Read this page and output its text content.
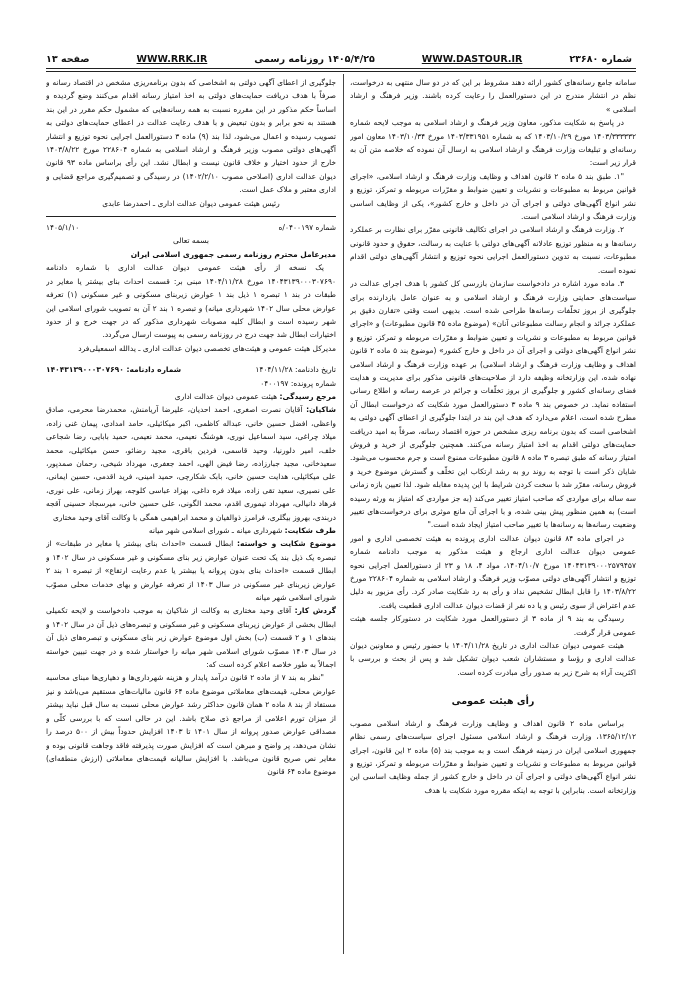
شماره ۲۳۶۸۰
WWW.DASTOUR.IR
۱۴۰۵/۴/۲۵ روزنامه رسمی
WWW.RRK.IR
صفحه ۱۳

سامانه جامع رسانه‌های کشور ارائه دهند مشروط بر این که در دو سال منتهی به درخواست، نظم در انتشار مندرج در این دستورالعمل را رعایت کرده باشند. وزیر فرهنگ و ارشاد اسلامی »

در پاسخ به شکایت مذکور، معاون وزیر فرهنگ و ارشاد اسلامی به موجب لایحه شماره ۱۴۰۳/۳۳۳۳۳۲ مورخ ۱۴۰۳/۱۰/۲۹ که به شماره ۱۴۰۳/۳۳۱۹۵۱ مورخ ۱۴۰۳/۱۰/۳۴ معاون امور رسانه‌ای و تبلیغات وزارت فرهنگ و ارشاد اسلامی به ارسال آن نموده که خلاصه متن آن به قرار زیر است:

"۱. طبق بند ۵ ماده ۲ قانون اهداف و وظایف وزارت فرهنگ و ارشاد اسلامی، «اجرای قوانین مربوط به مطبوعات و نشریات و تعیین ضوابط و مقرّرات مربوطه و تمرکز، توزیع و نشر انواع آگهی‌های دولتی و اجرای آن در داخل و خارج کشور»، یکی از وظایف اساسی وزارت فرهنگ و ارشاد اسلامی است.

۲. وزارت فرهنگ و ارشاد اسلامی در اجرای تکالیف قانونی مقرّر برای نظارت بر عملکرد رسانه‌ها و به منظور توزیع عادلانه آگهی‌های دولتی با عنایت به رسالت، حقوق و حدود قانونی مطبوعات، نسبت به تدوین دستورالعمل اجرایی نحوه توزیع و انتشار آگهی‌های دولتی اقدام نموده است.

۳. ماده مورد اشاره در دادخواست سازمان بازرسی کل کشور با هدف اجرای عدالت در سیاست‌های حمایتی وزارت فرهنگ و ارشاد اسلامی و به عنوان عامل بازدارنده برای جلوگیری از بروز تخلّفات رسانه‌ها طراحی شده است. بدیهی است وقتی «تقارن دقیق بر عملکرد جرائد و انجام رسالت مطبوعاتی آنان» (موضوع ماده ۴۵ قانون مطبوعات) و «اجرای قوانین مربوط به مطبوعات و نشریات و تعیین ضوابط و مقرّرات مربوطه و تمرکز، توزیع و نشر انواع آگهی‌های دولتی و اجرای آن در داخل و خارج کشور» (موضوع بند ۵ ماده ۲ قانون اهداف و وظایف وزارت فرهنگ و ارشاد اسلامی) بر عهده وزارت فرهنگ و ارشاد اسلامی نهاده شده، این وزارتخانه وظیفه دارد از صلاحیت‌های قانونی مذکور برای مدیریت و هدایت فضای رسانه‌ای کشور و جلوگیری از بروز تخلّفات و جرائم در عرصه رسانه و اطلاع رسانی استفاده نماید. در خصوص بند ۹ ماده ۳ دستورالعمل مورد شکایت که درخواست ابطال آن مطرح شده است، اعلام می‌دارد که هدف این بند در ابتدا جلوگیری از اعطای آگهی دولتی به اشخاصی است که بدون برنامه ریزی مشخص در حوزه اقتصاد رسانه، صرفاً به امید دریافت حمایت‌های دولتی اقدام به اخذ امتیاز رسانه می‌کنند. همچنین جلوگیری از خرید و فروش امتیاز رسانه که طبق تبصره ۳ ماده ۸ قانون مطبوعات ممنوع است و جرم محسوب می‌شود. شایان ذکر است با توجه به روند رو به رشد ارتکاب این تخلّف و گسترش موضوع خرید و فروش رسانه، مقرّر شد با سخت کردن شرایط با این پدیده مقابله شود. لذا تعیین بازه زمانی سه ساله برای مواردی که صاحب امتیاز تغییر می‌کند (به جز مواردی که امتیاز به ورثه رسیده است) به همین منظور پیش بینی شده، و با اجرای آن مانع موثری برای درخواست‌های تغییر وضعیت رسانه‌ها به رسانه‌ها با تغییر صاحب امتیاز ایجاد شده است."

در اجرای ماده ۸۴ قانون دیوان عدالت اداری پرونده به هیئت تخصصی اداری و امور عمومی دیوان عدالت اداری ارجاع و هیئت مذکور به موجب دادنامه شماره ۱۴۰۴۳۱۳۹۰۰۰۲۵۷۹۴۵۷ مورخ ۱۴۰۴/۱۰/۷، مواد ۴، ۱۸ و ۲۳ از دستورالعمل اجرایی نحوه توزیع و انتشار آگهی‌های دولتی مصوّب وزیر فرهنگ و ارشاد اسلامی به شماره ۲۲۸۶۰۴ مورخ ۱۴۰۳/۸/۲۲ را قابل ابطال تشخیص نداد و رأی به رد شکایت صادر کرد. رأی مزبور به دلیل عدم اعتراض از سوی رئیس و یا ده نفر از قضات دیوان عدالت اداری قطعیت یافت.

رسیدگی به بند ۹ از ماده ۳ از دستورالعمل مورد شکایت در دستورکار جلسه هیئت عمومی قرار گرفت.

هیئت عمومی دیوان عدالت اداری در تاریخ ۱۴۰۴/۱۱/۲۸ با حضور رئیس و معاونین دیوان عدالت اداری و رؤسا و مستشاران شعب دیوان تشکیل شد و پس از بحث و بررسی با اکثریت آراء به شرح زیر به صدور رأی مبادرت کرده است.

رأی هیئت عمومی

براساس ماده ۲ قانون اهداف و وظایف وزارت فرهنگ و ارشاد اسلامی مصوب ۱۳۶۵/۱۲/۱۲، وزارت فرهنگ و ارشاد اسلامی مسئول اجرای سیاست‌های رسمی نظام جمهوری اسلامی ایران در زمینه فرهنگ است و به موجب بند (۵) ماده ۲ این قانون، اجرای قوانین مربوط به مطبوعات و نشریات و تعیین ضوابط و مقرّرات مربوطه و تمرکز، توزیع و نشر انواع آگهی‌های دولتی و اجرای آن در داخل و خارج کشور از جمله وظایف اساسی این وزارتخانه است. بنابراین با توجه به اینکه مقرره مورد شکایت با هدف

جلوگیری از اعطای آگهی دولتی به اشخاصی که بدون برنامه‌ریزی مشخص در اقتصاد رسانه و صرفاً با هدف دریافت حمایت‌های دولتی به اخذ امتیاز رسانه اقدام می‌کنند وضع گردیده و اساساً حکم مذکور در این مقرره نسبت به همه رسانه‌هایی که مشمول حکم مقرر در این بند هستند به نحو برابر و بدون تبعیض و با هدف رعایت عدالت در اعطای حمایت‌های دولتی به تصویب رسیده و اعمال می‌شود، لذا بند (۹) ماده ۳ دستورالعمل اجرایی نحوه توزیع و انتشار آگهی‌های دولتی مصوب وزیر فرهنگ و ارشاد اسلامی به شماره ۲۲۸۶۰۴ مورخ ۱۴۰۳/۸/۲۲ خارج از حدود اختیار و خلاف قانون نیست و ابطال نشد. این رأی براساس ماده ۹۳ قانون دیوان عدالت اداری (اصلاحی مصوب ۱۴۰۲/۲/۱۰) در رسیدگی و تصمیم‌گیری مراجع قضایی و اداری معتبر و ملاک عمل است.

رئیس هیئت عمومی دیوان عدالت اداری ـ احمدرضا عابدی

شماره ۰۴۰۰۱۹۷/ه
۱۴۰۵/۱/۱۰

بسمه تعالی

مدیرعامل محترم روزنامه رسمی جمهوری اسلامی ایران

یک نسخه از رأی هیئت عمومی دیوان عدالت اداری با شماره دادنامه ۱۴۰۴۳۱۳۹۰۰۰۳۰۷۶۹۰ مورخ ۱۴۰۴/۱۱/۲۸ مبنی بر: قسمت احداث بنای بیشتر یا مغایر در طبقات در بند ۱ تبصره ۱ ذیل بند ۱ عوارض زیربنای مسکونی و غیر مسکونی (۱) تعرفه عوارض محلی سال ۱۴۰۲ شهرداری میانه) و تبصره ۱ بند ۲ آن به تصویب شورای اسلامی این شهر رسیده است و ابطال کلیه مصوبات شهرداری مذکور که در جهت خرج و از حدود اختیارات ابطال شد جهت درج در روزنامه رسمی به پیوست ارسال می‌گردد.

مدیرکل هیئت عمومی و هیئت‌های تخصصی دیوان عدالت اداری ـ یدالله اسمعیلی‌فرد

تاریخ دادنامه: ۱۴۰۴/۱۱/۲۸
شماره دادنامه: ۱۴۰۴۳۱۳۹۰۰۰۳۰۷۶۹۰

شماره پرونده: ۰۴۰۰۱۹۷

مرجع رسیدگی: هیئت عمومی دیوان عدالت اداری

شاکیان: آقایان نصرت اصغری، احمد احدیان، علیرضا آریامنش، محمدرضا محرمی، صادق واعظی، افضل حسین خانی، عبداله کاظمی، اکبر میکائیلی، حامد امدادی، پیمان غنی زاده، میلاد چراغی، سید اسماعیل نوری، هوشنگ نعیمی، محمد نعیمی، حمید بابایی، رضا شجاعی خلف، امیر دلورنیا، وحید قاسمی، فردین باقری، مجید رضائو، حسن میکائیلی، محمد سعیدخانی، مجید جبارزاده، رضا فیض الهی، احمد جعفری، مهرداد شیخی، رحمان صمدپور، علی میکائیلی، هدایت حسین خانی، بابک شکارچی، حمید امینی، فرید اقدمی، حسین ایمانی، علی نصیری، سعید تقی زاده، میلاد فره داغی، بهزاد عباسی کلوجه، بهراز زمانی، علی نوری، فرهاد دانیالی، مهرداد تیموری اقدم، محمد الگونی، علی حسین خانی، میرسجاد حسینی آقجه دربندی، بهروز بیگلری، فرامرز ذوالفیان و محمد ابراهیمی همگی با وکالت آقای وحید مختاری

طرف شکایت: شهرداری میانه ـ شورای اسلامی شهر میانه

موضوع شکایت و خواسته: ابطال قسمت «احداث بنای بیشتر یا مغایر در طبقات» از تبصره یک ذیل بند یک تحت عنوان عوارض زیر بنای مسکونی و غیر مسکونی در سال ۱۴۰۲ و ابطال قسمت «احداث بنای بدون پروانه یا بیشتر یا عدم رعایت ارتفاع» از تبصره ۱ بند ۲ عوارض زیربنای غیر مسکونی در سال ۱۴۰۳ از تعرفه عوارض و بهای خدمات محلی مصوّب شورای اسلامی شهر میانه

گردش کار: آقای وحید مختاری به وکالت از شاکیان به موجب دادخواست و لایحه تکمیلی ابطال بخشی از عوارض زیربنای مسکونی و غیر مسکونی و تبصره‌های ذیل آن در سال ۱۴۰۲ و بندهای ۱ و ۲ قسمت (ب) بخش اول موضوع عوارض زیر بنای مسکونی و تبصره‌های ذیل آن در سال ۱۴۰۳ مصوّب شورای اسلامی شهر میانه را خواستار شده و در جهت تبیین خواسته اجمالاً به طور خلاصه اعلام کرده است که:

"نظر به بند ۷ از ماده ۲ قانون درآمد پایدار و هزینه شهرداری‌ها و دهیاری‌ها مبنای محاسبه عوارض محلی، قیمت‌های معاملاتی موضوع ماده ۶۴ قانون مالیات‌های مستقیم می‌باشد و نیز مستفاد از بند ۸ ماده ۲ همان قانون حداکثر رشد عوارض محلی نسبت به سال قبل نباید بیشتر از میزان تورم اعلامی از مراجع ذی صلاح باشد. این در حالی است که با بررسی کلّی و مصداقی عوارض صدور پروانه از سال ۱۴۰۱ تا ۱۴۰۳ افزایش حدوداً بیش از ۵۰۰ درصد را نشان می‌دهد، پر واضح و مبرهن است که افزایش صورت پذیرفته فاقد وجاهت قانونی بوده و مغایر نص صریح قانون می‌باشد. با افزایش سالیانه قیمت‌های معاملاتی (ارزش منطقه‌ای) موضوع ماده ۶۴ قانون
